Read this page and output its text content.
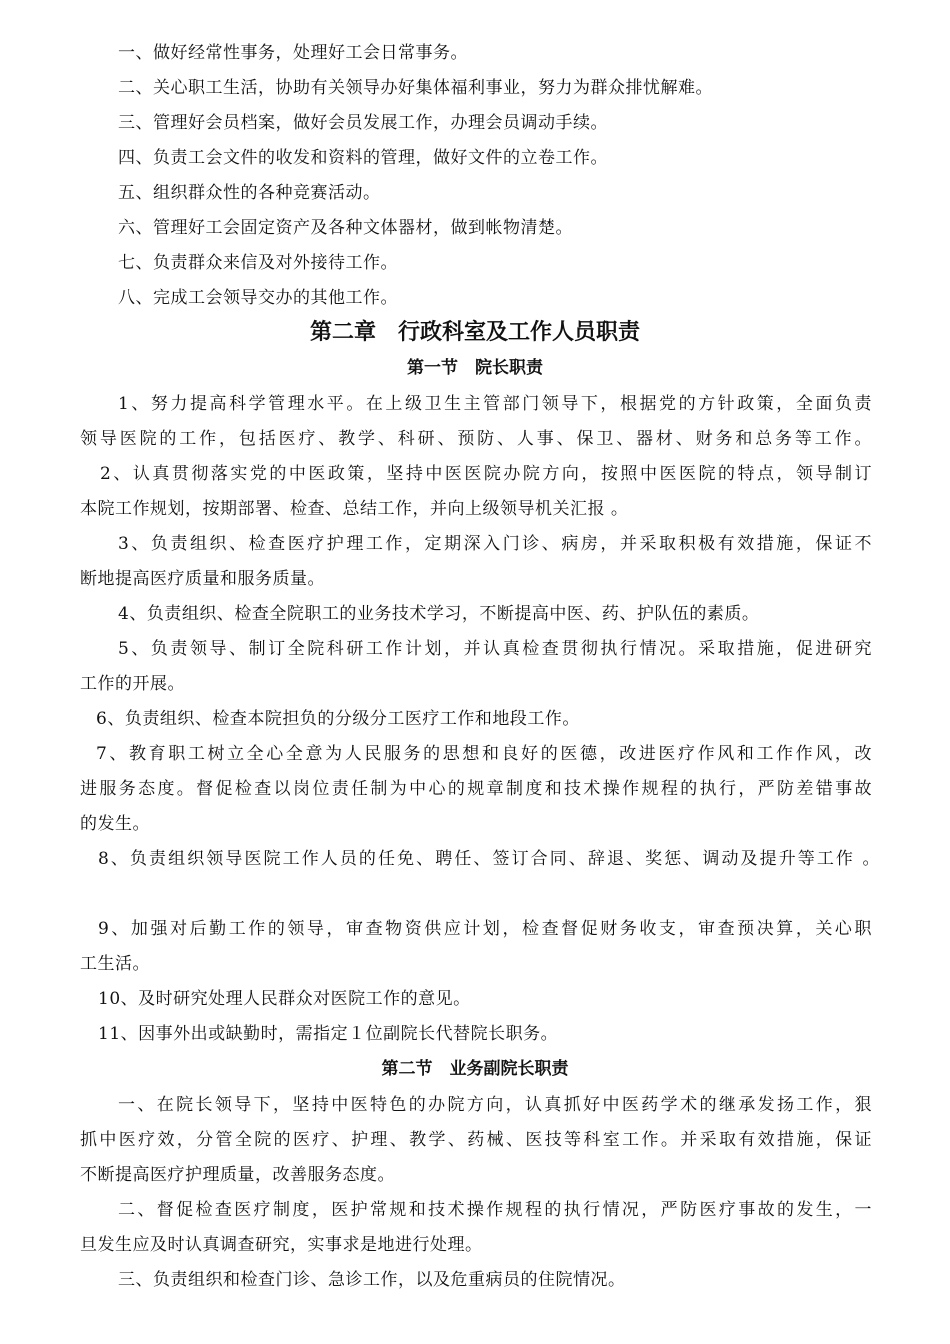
一、做好经常性事务，处理好工会日常事务。
二、关心职工生活，协助有关领导办好集体福利事业，努力为群众排忧解难。
三、管理好会员档案，做好会员发展工作，办理会员调动手续。
四、负责工会文件的收发和资料的管理，做好文件的立卷工作。
五、组织群众性的各种竞赛活动。
六、管理好工会固定资产及各种文体器材，做到帐物清楚。
七、负责群众来信及对外接待工作。
八、完成工会领导交办的其他工作。
第二章　行政科室及工作人员职责
第一节　院长职责
1、努力提高科学管理水平。在上级卫生主管部门领导下，根据党的方针政策，全面负责
领导医院的工作，包括医疗、教学、科研、预防、人事、保卫、器材、财务和总务等工作。
2、认真贯彻落实党的中医政策，坚持中医医院办院方向，按照中医医院的特点，领导制订
本院工作规划，按期部署、检查、总结工作，并向上级领导机关汇报 。
3、负责组织、检查医疗护理工作，定期深入门诊、病房，并采取积极有效措施，保证不
断地提高医疗质量和服务质量。
4、负责组织、检查全院职工的业务技术学习，不断提高中医、药、护队伍的素质。
5、负责领导、制订全院科研工作计划，并认真检查贯彻执行情况。采取措施，促进研究
工作的开展。
6、负责组织、检查本院担负的分级分工医疗工作和地段工作。
7、教育职工树立全心全意为人民服务的思想和良好的医德，改进医疗作风和工作作风，改
进服务态度。督促检查以岗位责任制为中心的规章制度和技术操作规程的执行，严防差错事故
的发生。
8、负责组织领导医院工作人员的任免、聘任、签订合同、辞退、奖惩、调动及提升等工作 。
9、加强对后勤工作的领导，审查物资供应计划，检查督促财务收支，审查预决算，关心职
工生活。
10、及时研究处理人民群众对医院工作的意见。
11、因事外出或缺勤时，需指定１位副院长代替院长职务。
第二节　业务副院长职责
一、在院长领导下，坚持中医特色的办院方向，认真抓好中医药学术的继承发扬工作，狠
抓中医疗效，分管全院的医疗、护理、教学、药械、医技等科室工作。并采取有效措施，保证
不断提高医疗护理质量，改善服务态度。
二、督促检查医疗制度，医护常规和技术操作规程的执行情况，严防医疗事故的发生，一
旦发生应及时认真调查研究，实事求是地进行处理。
三、负责组织和检查门诊、急诊工作，以及危重病员的住院情况。
